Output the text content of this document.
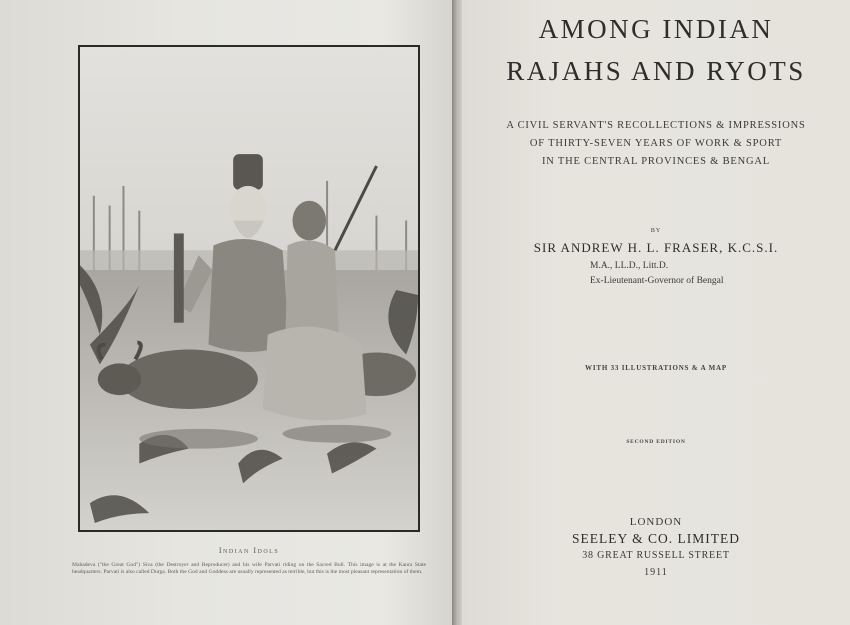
Indian Idols
Mahadeva ("the Great God") Siva (the Destroyer and Reproducer) and his wife Parvati riding on the Sacred Bull. This image is at the Kanra State headquarters. Parvati is also called Durga. Both the God and Goddess are usually represented as terrible, but this is the most pleasant representation of them.
AMONG INDIAN
RAJAHS AND RYOTS
A CIVIL SERVANT'S RECOLLECTIONS & IMPRESSIONS
OF THIRTY-SEVEN YEARS OF WORK & SPORT
IN THE CENTRAL PROVINCES & BENGAL
BY
SIR ANDREW H. L. FRASER, K.C.S.I.
M.A., LL.D., Litt.D.
Ex-Lieutenant-Governor of Bengal
WITH 33 ILLUSTRATIONS & A MAP
SECOND EDITION
LONDON
SEELEY & CO. LIMITED
38 GREAT RUSSELL STREET
1911
